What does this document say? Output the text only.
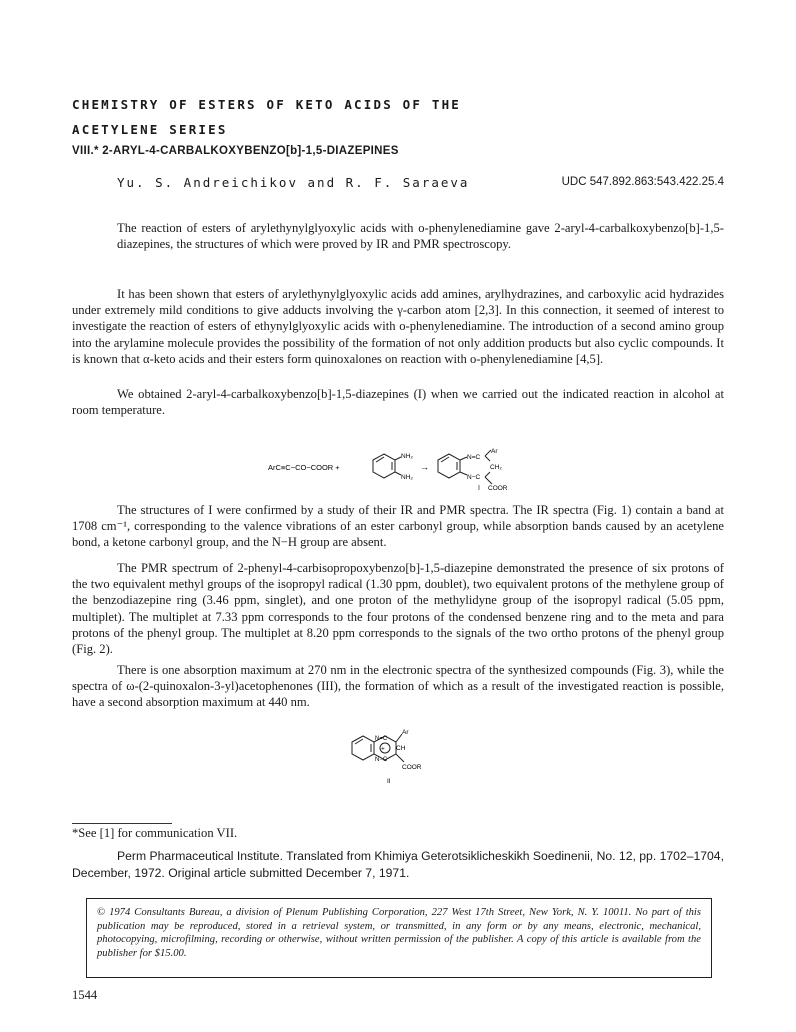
CHEMISTRY OF ESTERS OF KETO ACIDS OF THE
ACETYLENE SERIES
VIII.* 2-ARYL-4-CARBALKOXYBENZO[b]-1,5-DIAZEPINES
Yu. S. Andreichikov and R. F. Saraeva	UDC 547.892.863:543.422.25.4
The reaction of esters of arylethynylglyoxylic acids with o-phenylenediamine gave 2-aryl-4-carbalkoxybenzo[b]-1,5-diazepines, the structures of which were proved by IR and PMR spectroscopy.
It has been shown that esters of arylethynylglyoxylic acids add amines, arylhydrazines, and carboxylic acid hydrazides under extremely mild conditions to give adducts involving the γ-carbon atom [2,3]. In this connection, it seemed of interest to investigate the reaction of esters of ethynylglyoxylic acids with o-phenylenediamine. The introduction of a second amino group into the arylamine molecule provides the possibility of the formation of not only addition products but also cyclic compounds. It is known that α-keto acids and their esters form quinoxalones on reaction with o-phenylenediamine [4,5].
We obtained 2-aryl-4-carbalkoxybenzo[b]-1,5-diazepines (I) when we carried out the indicated reaction in alcohol at room temperature.
ArC≡C−CO−COOR +
NH₂
NH₂
→
N=C
CH₂
N−C
Ar
COOR
I
The structures of I were confirmed by a study of their IR and PMR spectra. The IR spectra (Fig. 1) contain a band at 1708 cm⁻¹, corresponding to the valence vibrations of an ester carbonyl group, while absorption bands caused by an acetylene bond, a ketone carbonyl group, and the N−H group are absent.
The PMR spectrum of 2-phenyl-4-carbisopropoxybenzo[b]-1,5-diazepine demonstrated the presence of six protons of the two equivalent methyl groups of the isopropyl radical (1.30 ppm, doublet), two equivalent protons of the methylene group of the benzodiazepine ring (3.46 ppm, singlet), and one proton of the methylidyne group of the isopropyl radical (5.05 ppm, multiplet). The multiplet at 7.33 ppm corresponds to the four protons of the condensed benzene ring and to the meta and para protons of the phenyl group. The multiplet at 8.20 ppm corresponds to the signals of the two ortho protons of the phenyl group (Fig. 2).
There is one absorption maximum at 270 nm in the electronic spectra of the synthesized compounds (Fig. 3), while the spectra of ω-(2-quinoxalon-3-yl)acetophenones (III), the formation of which as a result of the investigated reaction is possible, have a second absorption maximum at 440 nm.
+
N=C
CH
N−C
Ar
COOR
II
*See [1] for communication VII.
Perm Pharmaceutical Institute. Translated from Khimiya Geterotsiklicheskikh Soedinenii, No. 12, pp. 1702–1704, December, 1972. Original article submitted December 7, 1971.
© 1974 Consultants Bureau, a division of Plenum Publishing Corporation, 227 West 17th Street, New York, N. Y. 10011. No part of this publication may be reproduced, stored in a retrieval system, or transmitted, in any form or by any means, electronic, mechanical, photocopying, microfilming, recording or otherwise, without written permission of the publisher. A copy of this article is available from the publisher for $15.00.
1544
